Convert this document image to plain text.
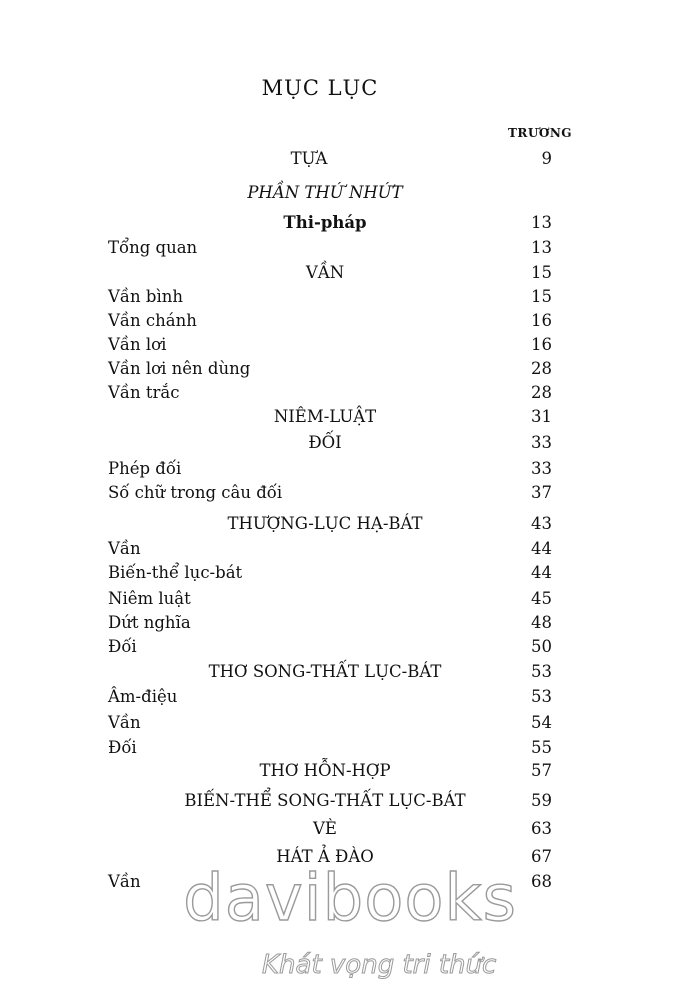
MỤC LỤC
TRƯƠNG
TỰA	9
PHẦN THỨ NHỨT
Thi-pháp	13
Tổng quan	13
VẦN	15
Vần bình	15
Vần chánh	16
Vần lơi	16
Vần lơi nên dùng	28
Vần trắc	28
NIÊM-LUẬT	31
ĐỐI	33
Phép đối	33
Số chữ trong câu đối	37
THƯỢNG-LỤC HẠ-BÁT	43
Vần	44
Biến-thể lục-bát	44
Niêm luật	45
Dứt nghĩa	48
Đối	50
THƠ SONG-THẤT LỤC-BÁT	53
Âm-điệu	53
Vần	54
Đối	55
THƠ HỖN-HỢP	57
BIẾN-THỂ SONG-THẤT LỤC-BÁT	59
VÈ	63
HÁT Ả ĐÀO	67
Vần	68
davibooks
Khát vọng tri thức
